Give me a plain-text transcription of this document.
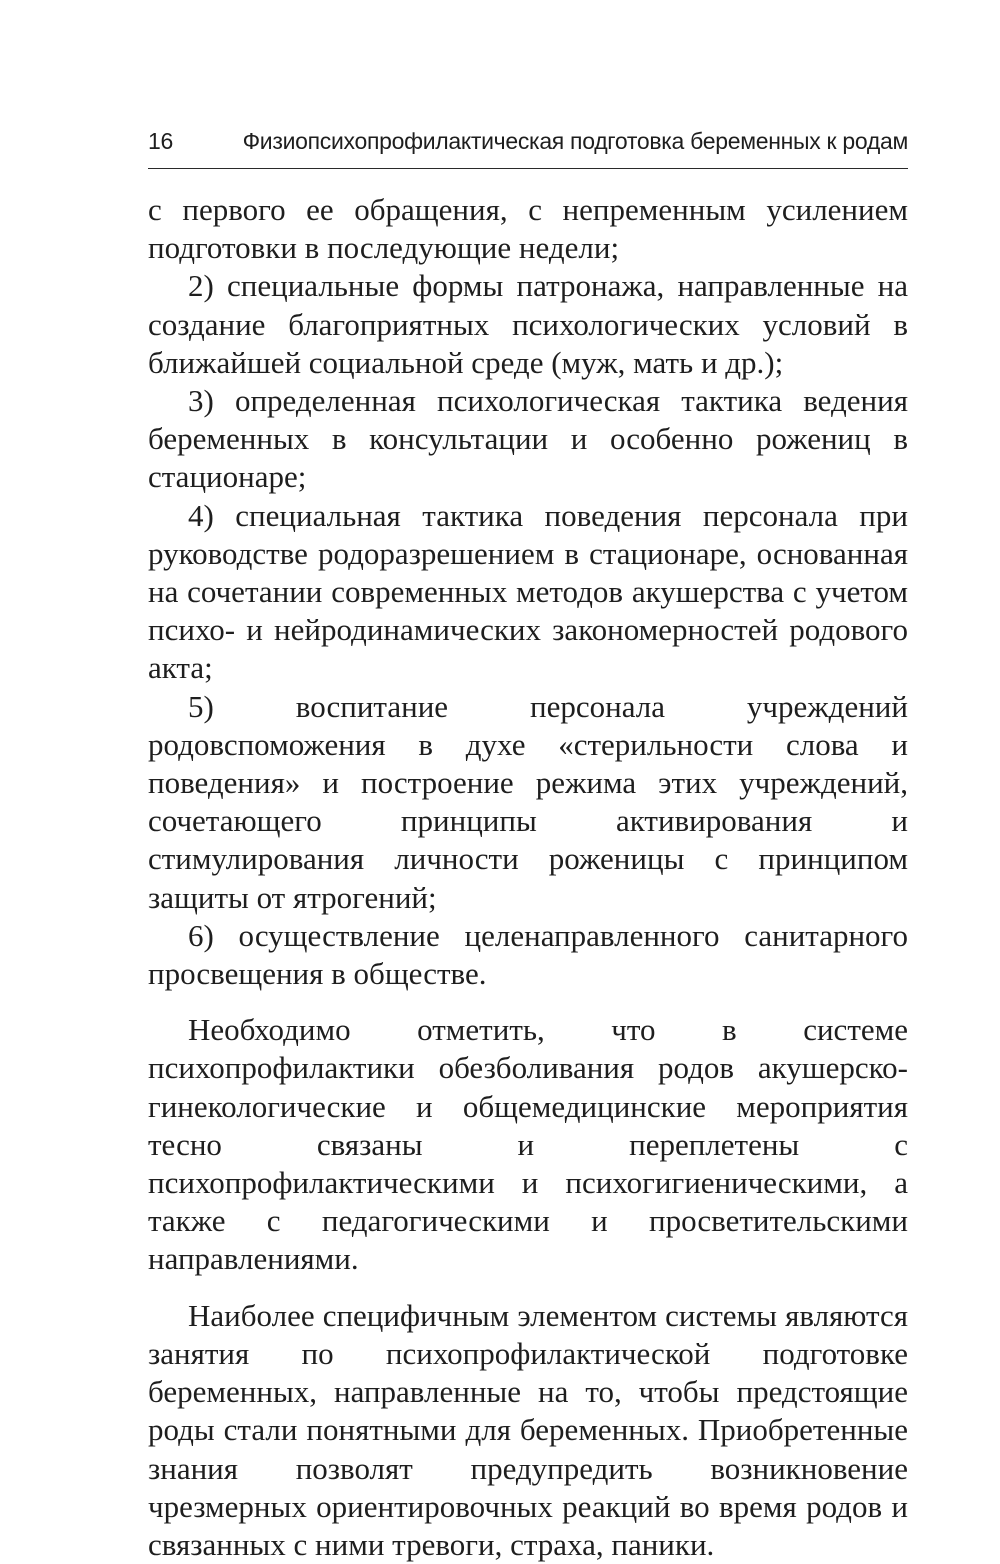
16	Физиопсихопрофилактическая подготовка беременных к родам

с первого ее обращения, с непременным усилением подготовки в последующие недели;

2) специальные формы патронажа, направленные на создание благоприятных психологических условий в ближайшей социальной среде (муж, мать и др.);

3) определенная психологическая тактика ведения беременных в консультации и особенно рожениц в стационаре;

4) специальная тактика поведения персонала при руководстве родоразрешением в стационаре, основанная на сочетании современных методов акушерства с учетом психо- и нейродинамических закономерностей родового акта;

5) воспитание персонала учреждений родовспоможения в духе «стерильности слова и поведения» и построение режима этих учреждений, сочетающего принципы активирования и стимулирования личности роженицы с принципом защиты от ятрогений;

6) осуществление целенаправленного санитарного просвещения в обществе.

Необходимо отметить, что в системе психопрофилактики обезболивания родов акушерско-гинекологические и общемедицинские мероприятия тесно связаны и переплетены с психопрофилактическими и психогигиеническими, а также с педагогическими и просветительскими направлениями.

Наиболее специфичным элементом системы являются занятия по психопрофилактической подготовке беременных, направленные на то, чтобы предстоящие роды стали понятными для беременных. Приобретенные знания позволят предупредить возникновение чрезмерных ориентировочных реакций во время родов и связанных с ними тревоги, страха, паники.
